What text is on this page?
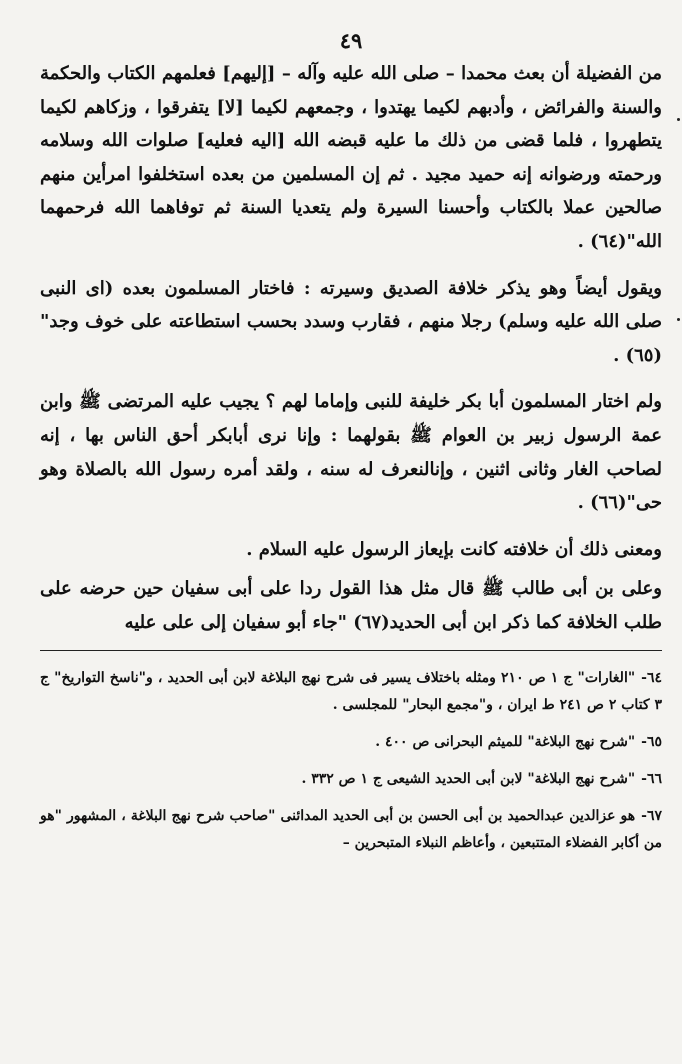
٤٩

من الفضيلة أن بعث محمدا – صلى الله عليه وآله – [إليهم] فعلمهم الكتاب والحكمة والسنة والفرائض ، وأدبهم لكيما يهتدوا ، وجمعهم لكيما [لا] يتفرقوا ، وزكاهم لكيما يتطهروا ، فلما قضى من ذلك ما عليه قبضه الله [اليه فعليه] صلوات الله وسلامه ورحمته ورضوانه إنه حميد مجيد . ثم إن المسلمين من بعده استخلفوا امرأين منهم صالحين عملا بالكتاب وأحسنا السيرة ولم يتعديا السنة ثم توفاهما الله فرحمهما الله"(٦٤) .

ويقول أيضاً وهو يذكر خلافة الصديق وسيرته : فاختار المسلمون بعده (اى النبى صلى الله عليه وسلم) رجلا منهم ، فقارب وسدد بحسب استطاعته على خوف وجد"(٦٥) .

ولم اختار المسلمون أبا بكر خليفة للنبى وإماما لهم ؟ يجيب عليه المرتضى ﷺ وابن عمة الرسول زبير بن العوام ﷺ بقولهما : وإنا نرى أبابكر أحق الناس بها ، إنه لصاحب الغار وثانى اثنين ، وإنالنعرف له سنه ، ولقد أمره رسول الله بالصلاة وهو حى"(٦٦) .

ومعنى ذلك أن خلافته كانت بإيعاز الرسول عليه السلام .

وعلى بن أبى طالب ﷺ قال مثل هذا القول ردا على أبى سفيان حين حرضه على طلب الخلافة كما ذكر ابن أبى الحديد(٦٧) "جاء أبو سفيان إلى على عليه

٦٤-"الغارات" ج ١ ص ٢١٠ ومثله باختلاف يسير فى شرح نهج البلاغة لابن أبى الحديد ، و"ناسخ التواريخ" ج ٣ كتاب ٢ ص ٢٤١ ط ايران ، و"مجمع البحار" للمجلسى .

٦٥-"شرح نهج البلاغة" للميثم البحرانى ص ٤٠٠ .

٦٦-"شرح نهج البلاغة" لابن أبى الحديد الشيعى ج ١ ص ٣٣٢ .

٦٧-هو عزالدين عبدالحميد بن أبى الحسن بن أبى الحديد المدائنى "صاحب شرح نهج البلاغة ، المشهور "هو من أكابر الفضلاء المتتبعين ، وأعاظم النبلاء المتبحرين –
